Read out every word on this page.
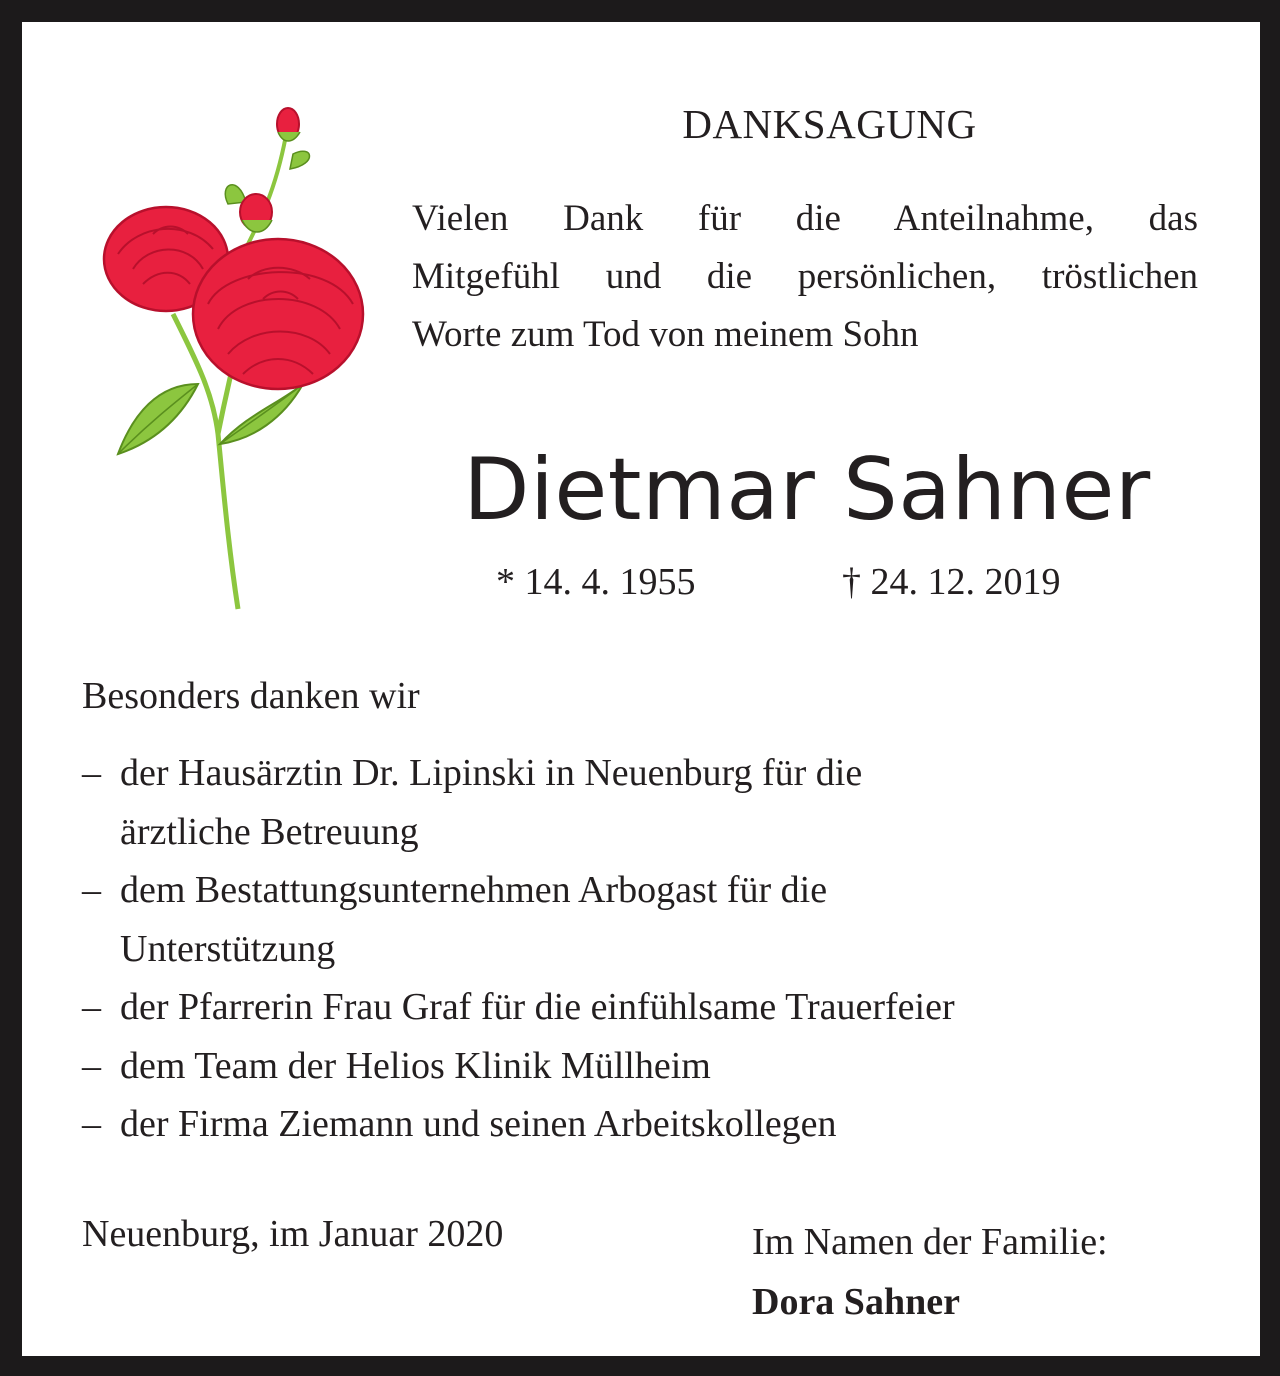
DANKSAGUNG
Vielen Dank für die Anteilnahme, das
Mitgefühl und die persönlichen, tröstlichen
Worte zum Tod von meinem Sohn
Dietmar Sahner
* 14. 4. 1955	† 24. 12. 2019
Besonders danken wir
– der Hausärztin Dr. Lipinski in Neuenburg für die
ärztliche Betreuung
– dem Bestattungsunternehmen Arbogast für die
Unterstützung
– der Pfarrerin Frau Graf für die einfühlsame Trauerfeier
– dem Team der Helios Klinik Müllheim
– der Firma Ziemann und seinen Arbeitskollegen
Neuenburg, im Januar 2020	Im Namen der Familie:
Dora Sahner
